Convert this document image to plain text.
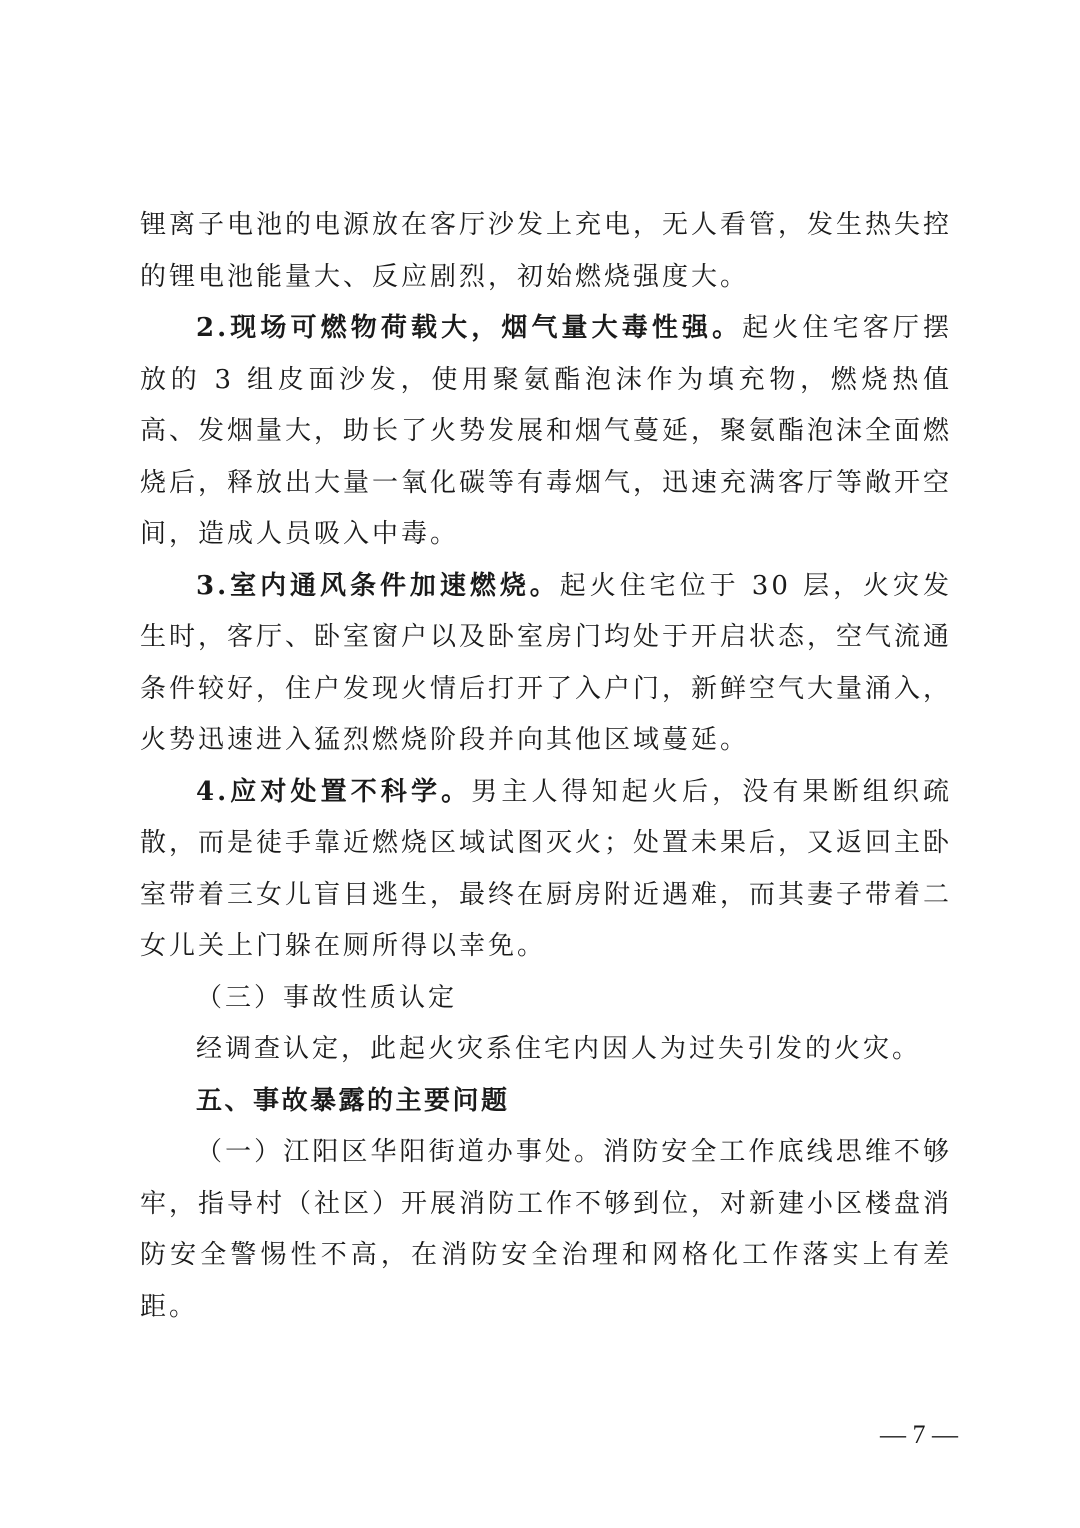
锂离子电池的电源放在客厅沙发上充电，无人看管，发生热失控的锂电池能量大、反应剧烈，初始燃烧强度大。

2.现场可燃物荷载大，烟气量大毒性强。起火住宅客厅摆放的 3 组皮面沙发，使用聚氨酯泡沫作为填充物，燃烧热值高、发烟量大，助长了火势发展和烟气蔓延，聚氨酯泡沫全面燃烧后，释放出大量一氧化碳等有毒烟气，迅速充满客厅等敞开空间，造成人员吸入中毒。

3.室内通风条件加速燃烧。起火住宅位于 30 层，火灾发生时，客厅、卧室窗户以及卧室房门均处于开启状态，空气流通条件较好，住户发现火情后打开了入户门，新鲜空气大量涌入，火势迅速进入猛烈燃烧阶段并向其他区域蔓延。

4.应对处置不科学。男主人得知起火后，没有果断组织疏散，而是徒手靠近燃烧区域试图灭火；处置未果后，又返回主卧室带着三女儿盲目逃生，最终在厨房附近遇难，而其妻子带着二女儿关上门躲在厕所得以幸免。

（三）事故性质认定

经调查认定，此起火灾系住宅内因人为过失引发的火灾。

五、事故暴露的主要问题

（一）江阳区华阳街道办事处。消防安全工作底线思维不够牢，指导村（社区）开展消防工作不够到位，对新建小区楼盘消防安全警惕性不高，在消防安全治理和网格化工作落实上有差距。

— 7 —
